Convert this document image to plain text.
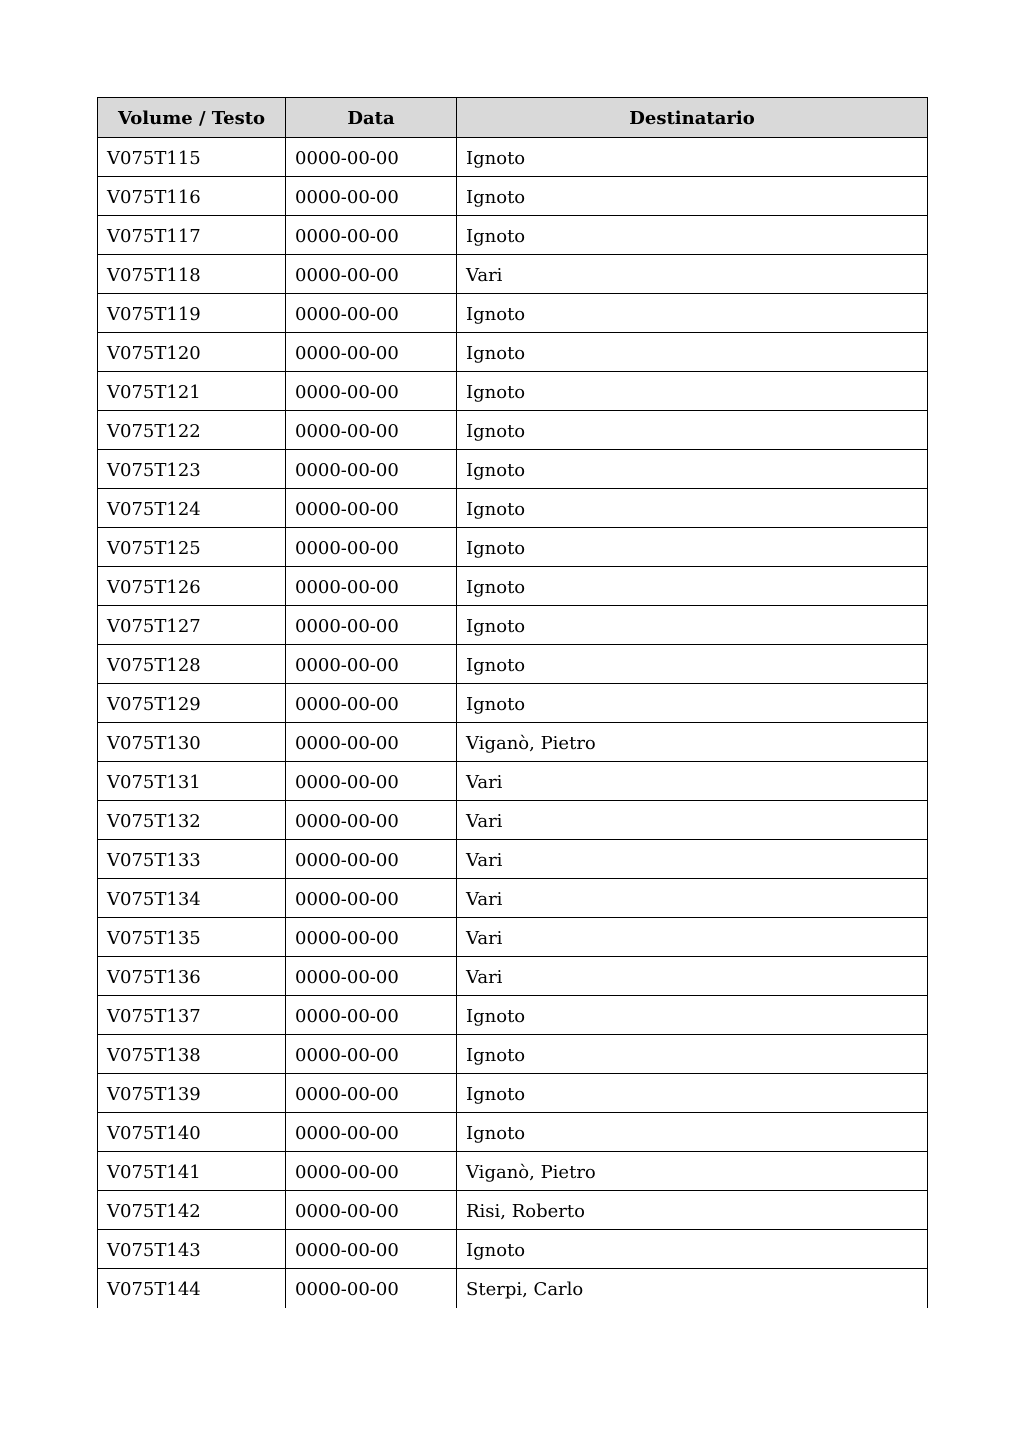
Volume / Testo	Data	Destinatario
V075T115	0000-00-00	Ignoto
V075T116	0000-00-00	Ignoto
V075T117	0000-00-00	Ignoto
V075T118	0000-00-00	Vari
V075T119	0000-00-00	Ignoto
V075T120	0000-00-00	Ignoto
V075T121	0000-00-00	Ignoto
V075T122	0000-00-00	Ignoto
V075T123	0000-00-00	Ignoto
V075T124	0000-00-00	Ignoto
V075T125	0000-00-00	Ignoto
V075T126	0000-00-00	Ignoto
V075T127	0000-00-00	Ignoto
V075T128	0000-00-00	Ignoto
V075T129	0000-00-00	Ignoto
V075T130	0000-00-00	Viganò, Pietro
V075T131	0000-00-00	Vari
V075T132	0000-00-00	Vari
V075T133	0000-00-00	Vari
V075T134	0000-00-00	Vari
V075T135	0000-00-00	Vari
V075T136	0000-00-00	Vari
V075T137	0000-00-00	Ignoto
V075T138	0000-00-00	Ignoto
V075T139	0000-00-00	Ignoto
V075T140	0000-00-00	Ignoto
V075T141	0000-00-00	Viganò, Pietro
V075T142	0000-00-00	Risi, Roberto
V075T143	0000-00-00	Ignoto
V075T144	0000-00-00	Sterpi, Carlo
